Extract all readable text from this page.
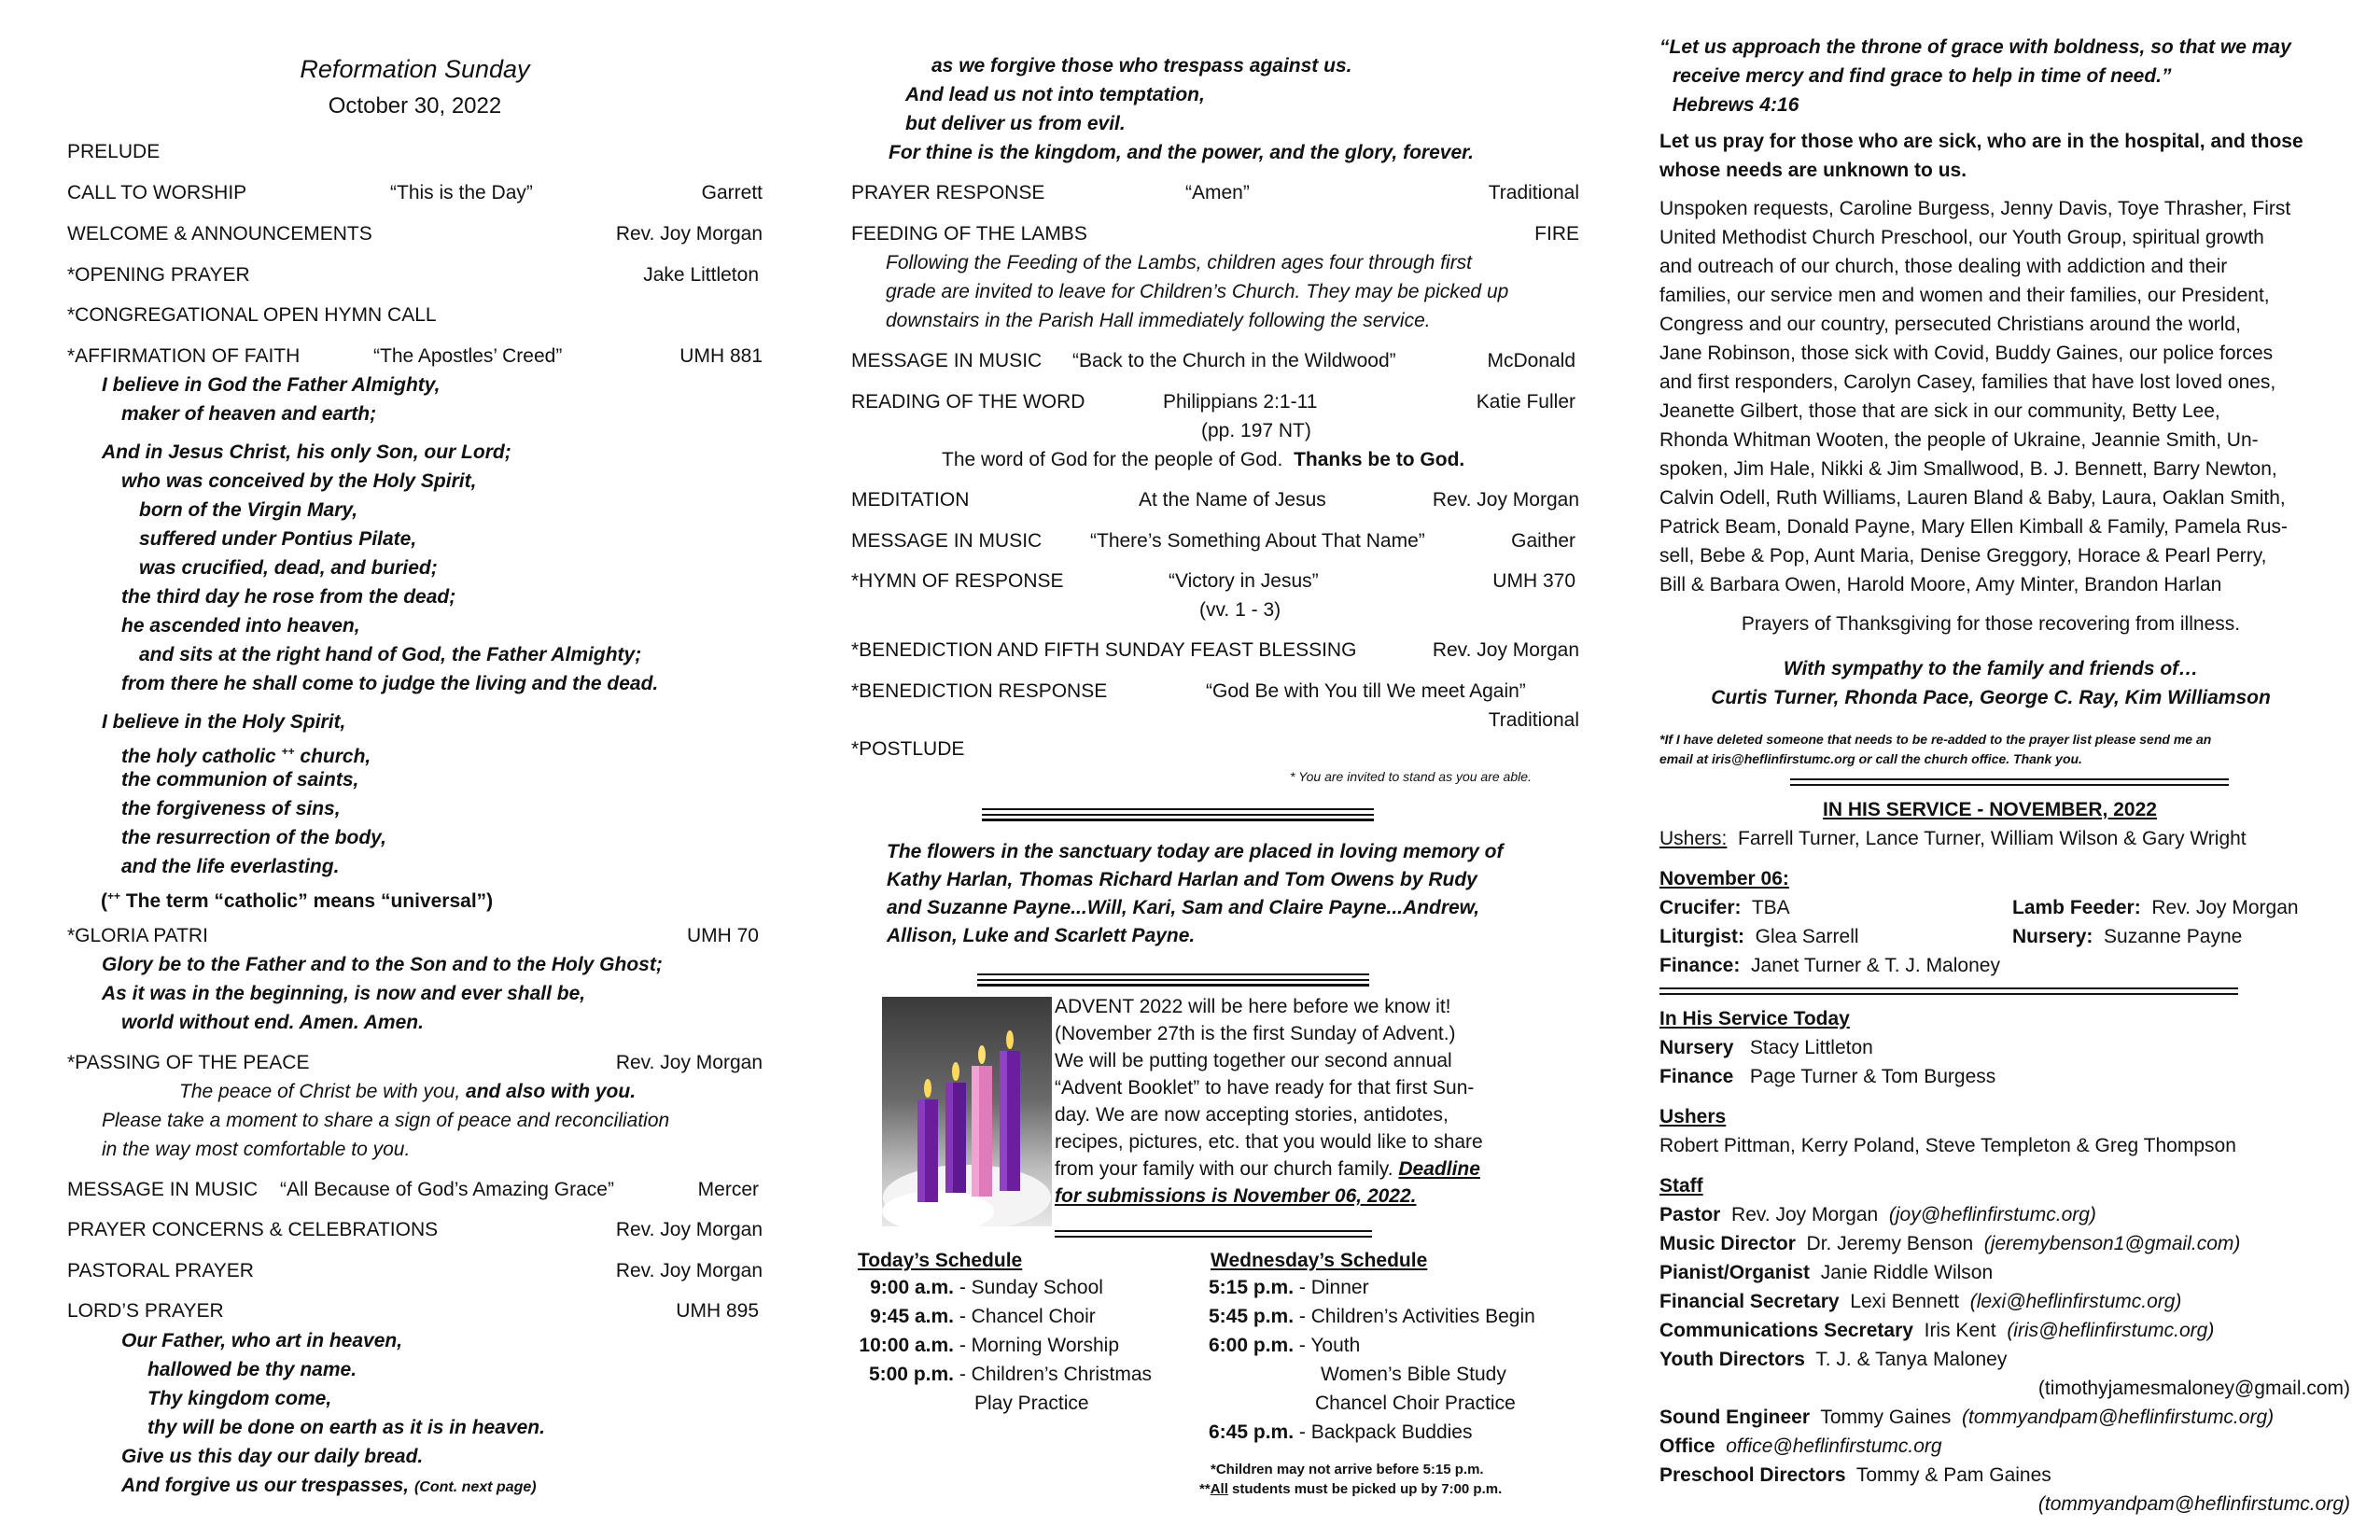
Reformation Sunday
October 30, 2022
PRELUDE
CALL TO WORSHIP	“This is the Day”	Garrett
WELCOME & ANNOUNCEMENTS	Rev. Joy Morgan
*OPENING PRAYER	Jake Littleton
*CONGREGATIONAL OPEN HYMN CALL
*AFFIRMATION OF FAITH	“The Apostles’ Creed”	UMH 881
I believe in God the Father Almighty,
maker of heaven and earth;
And in Jesus Christ, his only Son, our Lord;
who was conceived by the Holy Spirit,
born of the Virgin Mary,
suffered under Pontius Pilate,
was crucified, dead, and buried;
the third day he rose from the dead;
he ascended into heaven,
and sits at the right hand of God, the Father Almighty;
from there he shall come to judge the living and the dead.
I believe in the Holy Spirit,
the holy catholic ++ church,
the communion of saints,
the forgiveness of sins,
the resurrection of the body,
and the life everlasting.
(++ The term “catholic” means “universal”)
*GLORIA PATRI	UMH 70
Glory be to the Father and to the Son and to the Holy Ghost;
As it was in the beginning, is now and ever shall be,
world without end. Amen. Amen.
*PASSING OF THE PEACE	Rev. Joy Morgan
The peace of Christ be with you, and also with you.
Please take a moment to share a sign of peace and reconciliation
in the way most comfortable to you.
MESSAGE IN MUSIC “All Because of God’s Amazing Grace”	Mercer
PRAYER CONCERNS & CELEBRATIONS	Rev. Joy Morgan
PASTORAL PRAYER	Rev. Joy Morgan
LORD’S PRAYER	UMH 895
Our Father, who art in heaven,
hallowed be thy name.
Thy kingdom come,
thy will be done on earth as it is in heaven.
Give us this day our daily bread.
And forgive us our trespasses, (Cont. next page)
as we forgive those who trespass against us.
And lead us not into temptation,
but deliver us from evil.
For thine is the kingdom, and the power, and the glory, forever.
PRAYER RESPONSE	“Amen”	Traditional
FEEDING OF THE LAMBS	FIRE
Following the Feeding of the Lambs, children ages four through first
grade are invited to leave for Children’s Church. They may be picked up
downstairs in the Parish Hall immediately following the service.
MESSAGE IN MUSIC “Back to the Church in the Wildwood”	McDonald
READING OF THE WORD	Philippians 2:1-11	Katie Fuller
(pp. 197 NT)
The word of God for the people of God. Thanks be to God.
MEDITATION	At the Name of Jesus	Rev. Joy Morgan
MESSAGE IN MUSIC “There’s Something About That Name”	Gaither
*HYMN OF RESPONSE	“Victory in Jesus”	UMH 370
(vv. 1 - 3)
*BENEDICTION AND FIFTH SUNDAY FEAST BLESSING	Rev. Joy Morgan
*BENEDICTION RESPONSE	“God Be with You till We meet Again”
Traditional
*POSTLUDE
* You are invited to stand as you are able.
The flowers in the sanctuary today are placed in loving memory of
Kathy Harlan, Thomas Richard Harlan and Tom Owens by Rudy
and Suzanne Payne...Will, Kari, Sam and Claire Payne...Andrew,
Allison, Luke and Scarlett Payne.
ADVENT 2022 will be here before we know it!
(November 27th is the first Sunday of Advent.)
We will be putting together our second annual
“Advent Booklet” to have ready for that first Sun-
day. We are now accepting stories, antidotes,
recipes, pictures, etc. that you would like to share
from your family with our church family. Deadline
for submissions is November 06, 2022.
Today’s Schedule
9:00 a.m. - Sunday School
9:45 a.m. - Chancel Choir
10:00 a.m. - Morning Worship
5:00 p.m. - Children’s Christmas
Play Practice
Wednesday’s Schedule
5:15 p.m. - Dinner
5:45 p.m. - Children’s Activities Begin
6:00 p.m. - Youth
Women’s Bible Study
Chancel Choir Practice
6:45 p.m. - Backpack Buddies
*Children may not arrive before 5:15 p.m.
**All students must be picked up by 7:00 p.m.
“Let us approach the throne of grace with boldness, so that we may
receive mercy and find grace to help in time of need.”
Hebrews 4:16
Let us pray for those who are sick, who are in the hospital, and those
whose needs are unknown to us.
Unspoken requests, Caroline Burgess, Jenny Davis, Toye Thrasher, First
United Methodist Church Preschool, our Youth Group, spiritual growth
and outreach of our church, those dealing with addiction and their
families, our service men and women and their families, our President,
Congress and our country, persecuted Christians around the world,
Jane Robinson, those sick with Covid, Buddy Gaines, our police forces
and first responders, Carolyn Casey, families that have lost loved ones,
Jeanette Gilbert, those that are sick in our community, Betty Lee,
Rhonda Whitman Wooten, the people of Ukraine, Jeannie Smith, Un-
spoken, Jim Hale, Nikki & Jim Smallwood, B. J. Bennett, Barry Newton,
Calvin Odell, Ruth Williams, Lauren Bland & Baby, Laura, Oaklan Smith,
Patrick Beam, Donald Payne, Mary Ellen Kimball & Family, Pamela Rus-
sell, Bebe & Pop, Aunt Maria, Denise Greggory, Horace & Pearl Perry,
Bill & Barbara Owen, Harold Moore, Amy Minter, Brandon Harlan
Prayers of Thanksgiving for those recovering from illness.
With sympathy to the family and friends of…
Curtis Turner, Rhonda Pace, George C. Ray, Kim Williamson
*If I have deleted someone that needs to be re-added to the prayer list please send me an
email at iris@heflinfirstumc.org or call the church office. Thank you.
IN HIS SERVICE - NOVEMBER, 2022
Ushers: Farrell Turner, Lance Turner, William Wilson & Gary Wright
November 06:
Crucifer: TBA	Lamb Feeder: Rev. Joy Morgan
Liturgist: Glea Sarrell	Nursery: Suzanne Payne
Finance: Janet Turner & T. J. Maloney
In His Service Today
Nursery Stacy Littleton
Finance Page Turner & Tom Burgess
Ushers
Robert Pittman, Kerry Poland, Steve Templeton & Greg Thompson
Staff
Pastor Rev. Joy Morgan (joy@heflinfirstumc.org)
Music Director Dr. Jeremy Benson (jeremybenson1@gmail.com)
Pianist/Organist Janie Riddle Wilson
Financial Secretary Lexi Bennett (lexi@heflinfirstumc.org)
Communications Secretary Iris Kent (iris@heflinfirstumc.org)
Youth Directors T. J. & Tanya Maloney
(timothyjamesmaloney@gmail.com)
Sound Engineer Tommy Gaines (tommyandpam@heflinfirstumc.org)
Office office@heflinfirstumc.org
Preschool Directors Tommy & Pam Gaines
(tommyandpam@heflinfirstumc.org)
